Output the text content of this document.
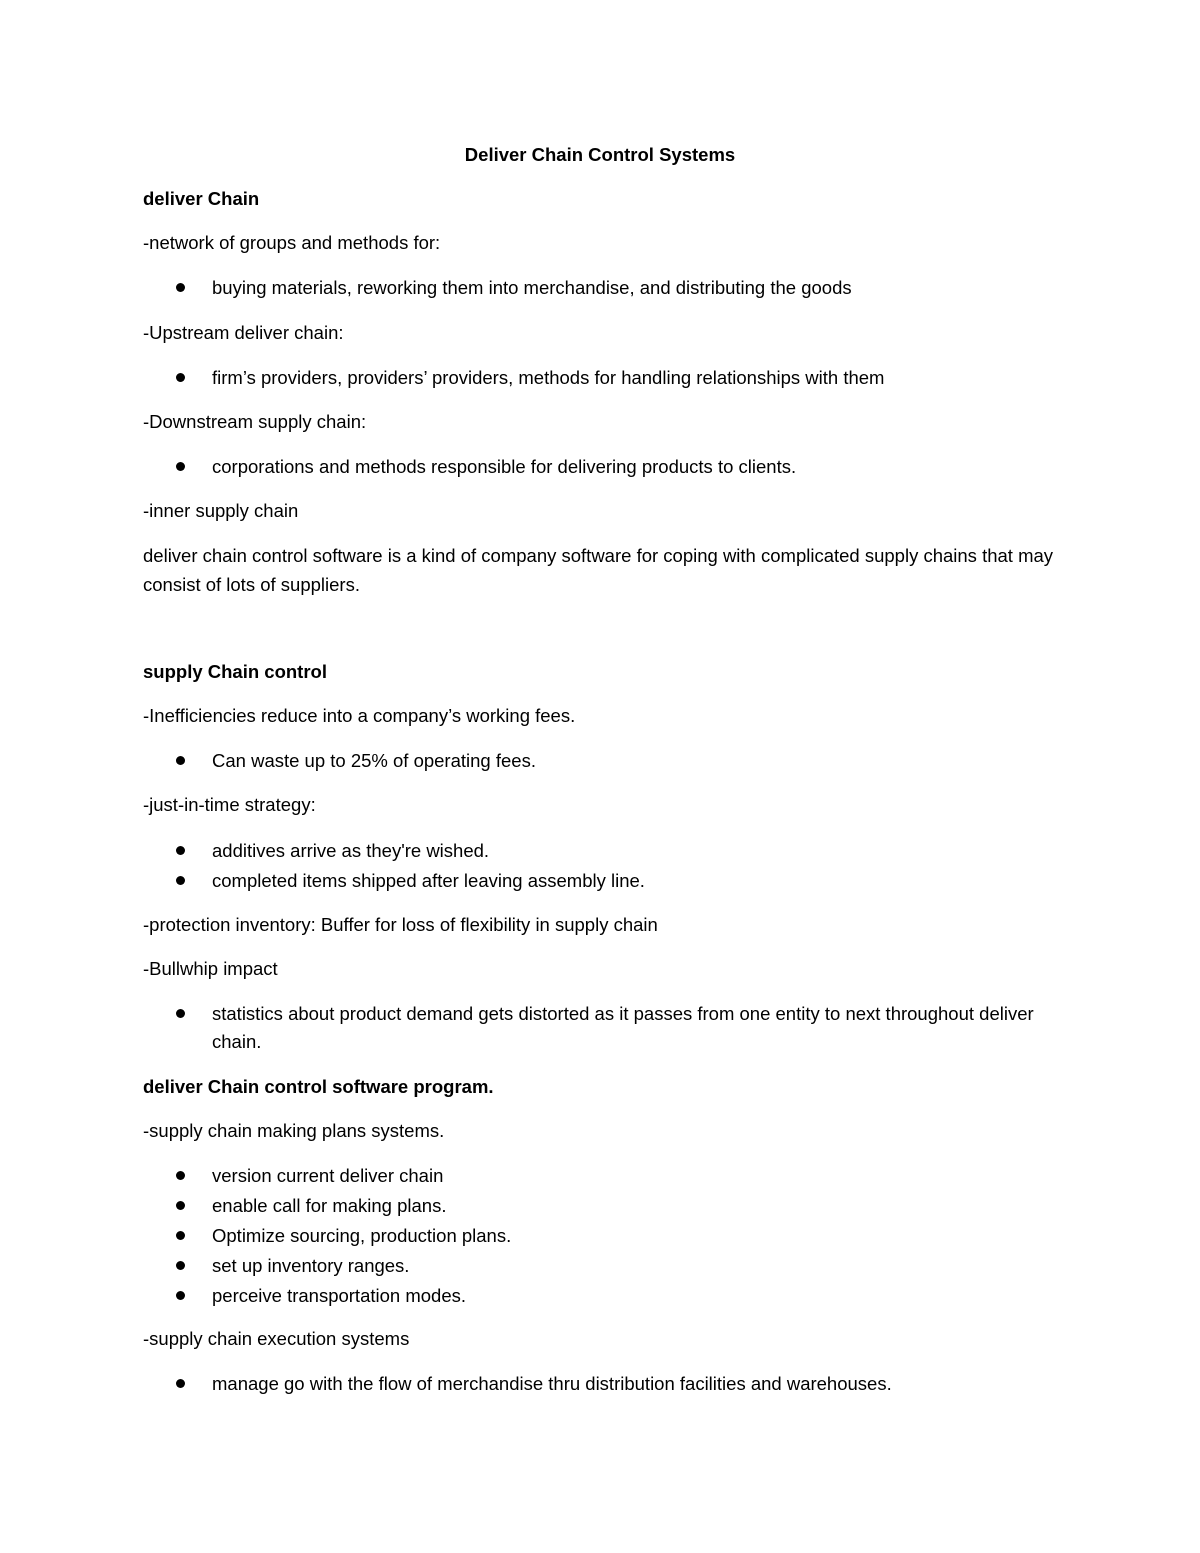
Deliver Chain Control Systems

deliver Chain

-network of groups and methods for:

buying materials, reworking them into merchandise, and distributing the goods

-Upstream deliver chain:

firm’s providers, providers’ providers, methods for handling relationships with them

-Downstream supply chain:

corporations and methods responsible for delivering products to clients.

-inner supply chain

deliver chain control software is a kind of company software for coping with complicated supply chains that may consist of lots of suppliers.

supply Chain control

-Inefficiencies reduce into a company’s working fees.

Can waste up to 25% of operating fees.

-just-in-time strategy:

additives arrive as they're wished.

completed items shipped after leaving assembly line.

-protection inventory: Buffer for loss of flexibility in supply chain

-Bullwhip impact

statistics about product demand gets distorted as it passes from one entity to next throughout deliver chain.

deliver Chain control software program.

-supply chain making plans systems.

version current deliver chain

enable call for making plans.

Optimize sourcing, production plans.

set up inventory ranges.

perceive transportation modes.

-supply chain execution systems

manage go with the flow of merchandise thru distribution facilities and warehouses.
